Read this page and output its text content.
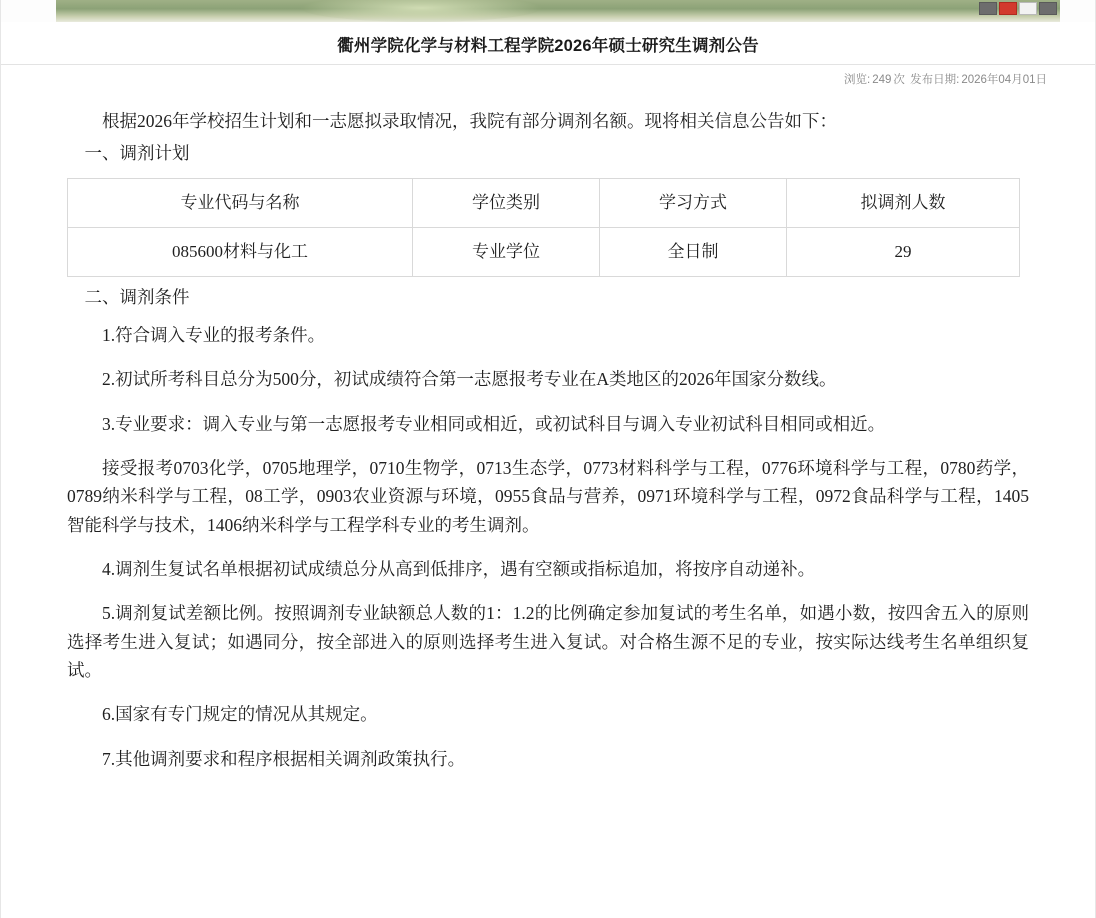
衢州学院化学与材料工程学院2026年硕士研究生调剂公告
浏览: 249 次 发布日期: 2026年04月01日

根据2026年学校招生计划和一志愿拟录取情况，我院有部分调剂名额。现将相关信息公告如下：

一、调剂计划

专业代码与名称	学位类别	学习方式	拟调剂人数
085600材料与化工	专业学位	全日制	29

二、调剂条件

1.符合调入专业的报考条件。

2.初试所考科目总分为500分，初试成绩符合第一志愿报考专业在A类地区的2026年国家分数线。

3.专业要求：调入专业与第一志愿报考专业相同或相近，或初试科目与调入专业初试科目相同或相近。

接受报考0703化学，0705地理学，0710生物学，0713生态学，0773材料科学与工程，0776环境科学与工程，0780药学，0789纳米科学与工程，08工学，0903农业资源与环境，0955食品与营养，0971环境科学与工程，0972食品科学与工程，1405智能科学与技术，1406纳米科学与工程学科专业的考生调剂。

4.调剂生复试名单根据初试成绩总分从高到低排序，遇有空额或指标追加，将按序自动递补。

5.调剂复试差额比例。按照调剂专业缺额总人数的1：1.2的比例确定参加复试的考生名单，如遇小数，按四舍五入的原则选择考生进入复试；如遇同分，按全部进入的原则选择考生进入复试。对合格生源不足的专业，按实际达线考生名单组织复试。

6.国家有专门规定的情况从其规定。

7.其他调剂要求和程序根据相关调剂政策执行。
